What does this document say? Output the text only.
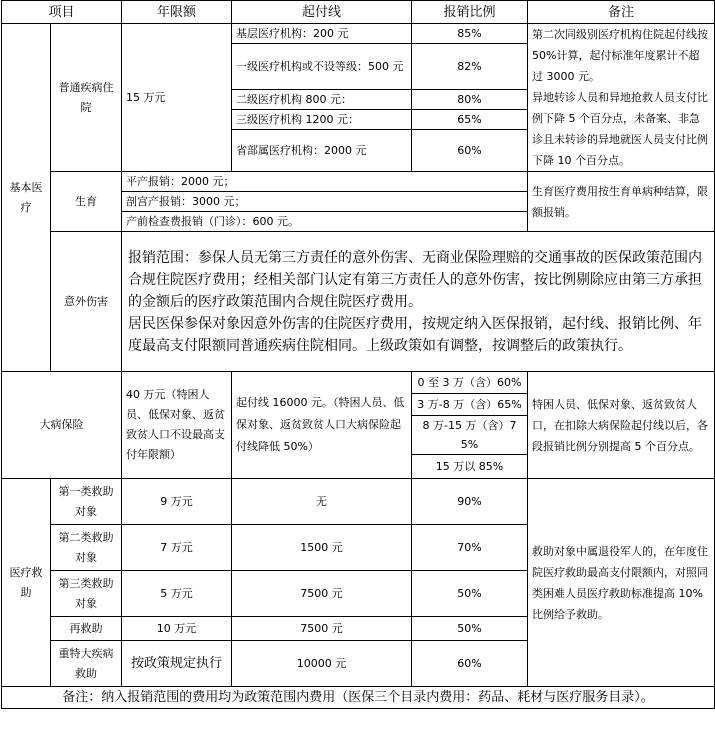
项目		年限额	起付线	报销比例	备注
基本医疗	普通疾病住院	15 万元	基层医疗机构：200 元	85%	第二次同级别医疗机构住院起付线按 50%计算，起付标准年度累计不超过 3000 元。
异地转诊人员和异地抢救人员支付比例下降 5 个百分点，未备案、非急诊且未转诊的异地就医人员支付比例下降 10 个百分点。

			一级医疗机构或不设等级：500 元	82%	
			二级医疗机构 800 元：	80%	
			三级医疗机构 1200 元：	65%	
			省部属医疗机构：2000 元	60%	
	生育	平产报销：2000 元；			生育医疗费用按生育单病种结算，限额报销。
		剖宫产报销：3000 元；			
		产前检查费报销（门诊）：600 元。			
	意外伤害	报销范围：参保人员无第三方责任的意外伤害、无商业保险理赔的交通事故的医保政策范围内合规住院医疗费用；经相关部门认定有第三方责任人的意外伤害，按比例剔除应由第三方承担的金额后的医疗政策范围内合规住院医疗费用。
居民医保参保对象因意外伤害的住院医疗费用，按规定纳入医保报销，起付线、报销比例、年度最高支付限额同普通疾病住院相同。上级政策如有调整，按调整后的政策执行。			

大病保险		40 万元（特困人员、低保对象、返贫致贫人口不设最高支付年限额）	起付线 16000 元。（特困人员、低保对象、返贫致贫人口大病保险起付线降低 50%）	0 至 3 万（含）60%	特困人员、低保对象、返贫致贫人口，在扣除大病保险起付线以后，各段报销比例分别提高 5 个百分点。
				3 万-8 万（含）65%	
				8 万-15 万（含）75%	
				15 万以 85%	
医疗救助	第一类救助对象	9 万元	无	90%	救助对象中属退役军人的，在年度住院医疗救助最高支付限额内，对照同类困难人员医疗救助标准提高 10%比例给予救助。
	第二类救助对象	7 万元	1500 元	70%	
	第三类救助对象	5 万元	7500 元	50%	
	再救助	10 万元	7500 元	50%	
	重特大疾病救助	按政策规定执行	10000 元	60%	
备注：纳入报销范围的费用均为政策范围内费用（医保三个目录内费用：药品、耗材与医疗服务目录）。					
